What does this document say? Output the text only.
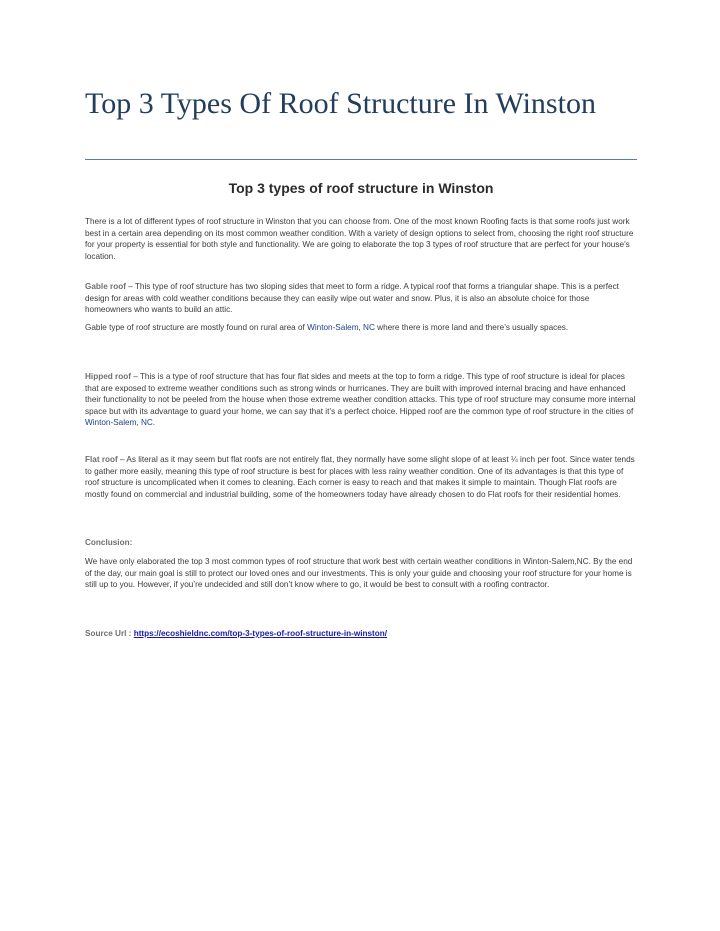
Top 3 Types Of Roof Structure In Winston
Top 3 types of roof structure in Winston

There is a lot of different types of roof structure in Winston that you can choose from. One of the most known Roofing facts is that some roofs just work best in a certain area depending on its most common weather condition. With a variety of design options to select from, choosing the right roof structure for your property is essential for both style and functionality. We are going to elaborate the top 3 types of roof structure that are perfect for your house’s location.

Gable roof – This type of roof structure has two sloping sides that meet to form a ridge. A typical roof that forms a triangular shape. This is a perfect design for areas with cold weather conditions because they can easily wipe out water and snow. Plus, it is also an absolute choice for those homeowners who wants to build an attic.

Gable type of roof structure are mostly found on rural area of Winton-Salem, NC where there is more land and there’s usually spaces.

Hipped roof – This is a type of roof structure that has four flat sides and meets at the top to form a ridge. This type of roof structure is ideal for places that are exposed to extreme weather conditions such as strong winds or hurricanes. They are built with improved internal bracing and have enhanced their functionality to not be peeled from the house when those extreme weather condition attacks. This type of roof structure may consume more internal space but with its advantage to guard your home, we can say that it’s a perfect choice. Hipped roof are the common type of roof structure in the cities of Winton-Salem, NC.

Flat roof – As literal as it may seem but flat roofs are not entirely flat, they normally have some slight slope of at least ¼ inch per foot. Since water tends to gather more easily, meaning this type of roof structure is best for places with less rainy weather condition. One of its advantages is that this type of roof structure is uncomplicated when it comes to cleaning. Each corner is easy to reach and that makes it simple to maintain. Though Flat roofs are mostly found on commercial and industrial building, some of the homeowners today have already chosen to do Flat roofs for their residential homes.

Conclusion:

We have only elaborated the top 3 most common types of roof structure that work best with certain weather conditions in Winton-Salem,NC. By the end of the day, our main goal is still to protect our loved ones and our investments. This is only your guide and choosing your roof structure for your home is still up to you. However, if you’re undecided and still don’t know where to go, it would be best to consult with a roofing contractor.

Source Url : https://ecoshieldnc.com/top-3-types-of-roof-structure-in-winston/
